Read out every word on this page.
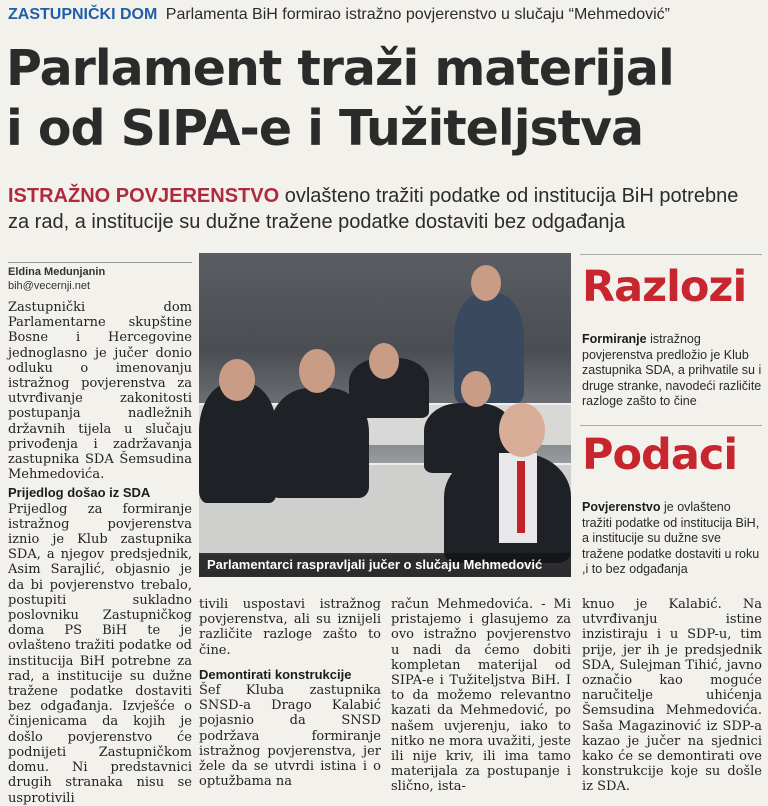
ZASTUPNIČKI DOM Parlamenta BiH formirao istražno povjerenstvo u slučaju “Mehmedović”
Parlament traži materijal
i od SIPA-e i Tužiteljstva
ISTRAŽNO POVJERENSTVO ovlašteno tražiti podatke od institucija BiH potrebne za rad, a institucije su dužne tražene podatke dostaviti bez odgađanja
Eldina Medunjanin
bih@vecernji.net

Zastupnički dom Parlamentarne skupštine Bosne i Hercegovine jednoglasno je jučer donio odluku o imenovanju istražnog povjerenstva za utvrđivanje zakonitosti postupanja nadležnih državnih tijela u slučaju privođenja i zadržavanja zastupnika SDA Šemsudina Mehmedovića.

Prijedlog došao iz SDA

Prijedlog za formiranje istražnog povjerenstva iznio je Klub zastupnika SDA, a njegov predsjednik, Asim Sarajlić, objasnio je da bi povjerenstvo trebalo, postupiti sukladno poslovniku Zastupničkog doma PS BiH te je ovlašteno tražiti podatke od institucija BiH potrebne za rad, a institucije su dužne tražene podatke dostaviti bez odgađanja. Izvješće o činjenicama da kojih je došlo povjerenstvo će podnijeti Zastupničkom domu. Ni predstavnici drugih stranaka nisu se usprotivili

Parlamentarci raspravljali jučer o slučaju Mehmedović

tivili uspostavi istražnog povjerenstva, ali su iznijeli različite razloge zašto to čine.

Demontirati konstrukcije

Šef Kluba zastupnika SNSD-a Drago Kalabić pojasnio da SNSD podržava formiranje istražnog povjerenstva, jer žele da se utvrdi istina i o optužbama na

račun Mehmedovića. - Mi pristajemo i glasujemo za ovo istražno povjerenstvo u nadi da ćemo dobiti kompletan materijal od SIPA-e i Tužiteljstva BiH. I to da možemo relevantno kazati da Mehmedović, po našem uvjerenju, iako to nitko ne mora uvažiti, jeste ili nije kriv, ili ima tamo materijala za postupanje i slično, ista-

knuo je Kalabić. Na utvrđivanju istine inzistiraju i u SDP-u, tim prije, jer ih je predsjednik SDA, Sulejman Tihić, javno označio kao moguće naručitelje uhićenja Šemsudina Mehmedovića. Saša Magazinović iz SDP-a kazao je jučer na sjednici kako će se demontirati ove konstrukcije koje su došle iz SDA.

Razlozi
Formiranje istražnog povjerenstva predložio je Klub zastupnika SDA, a prihvatile su i druge stranke, navodeći različite razloge zašto to čine
Podaci
Povjerenstvo je ovlašteno tražiti podatke od institucija BiH, a institucije su dužne sve tražene podatke dostaviti u roku ,i to bez odgađanja
